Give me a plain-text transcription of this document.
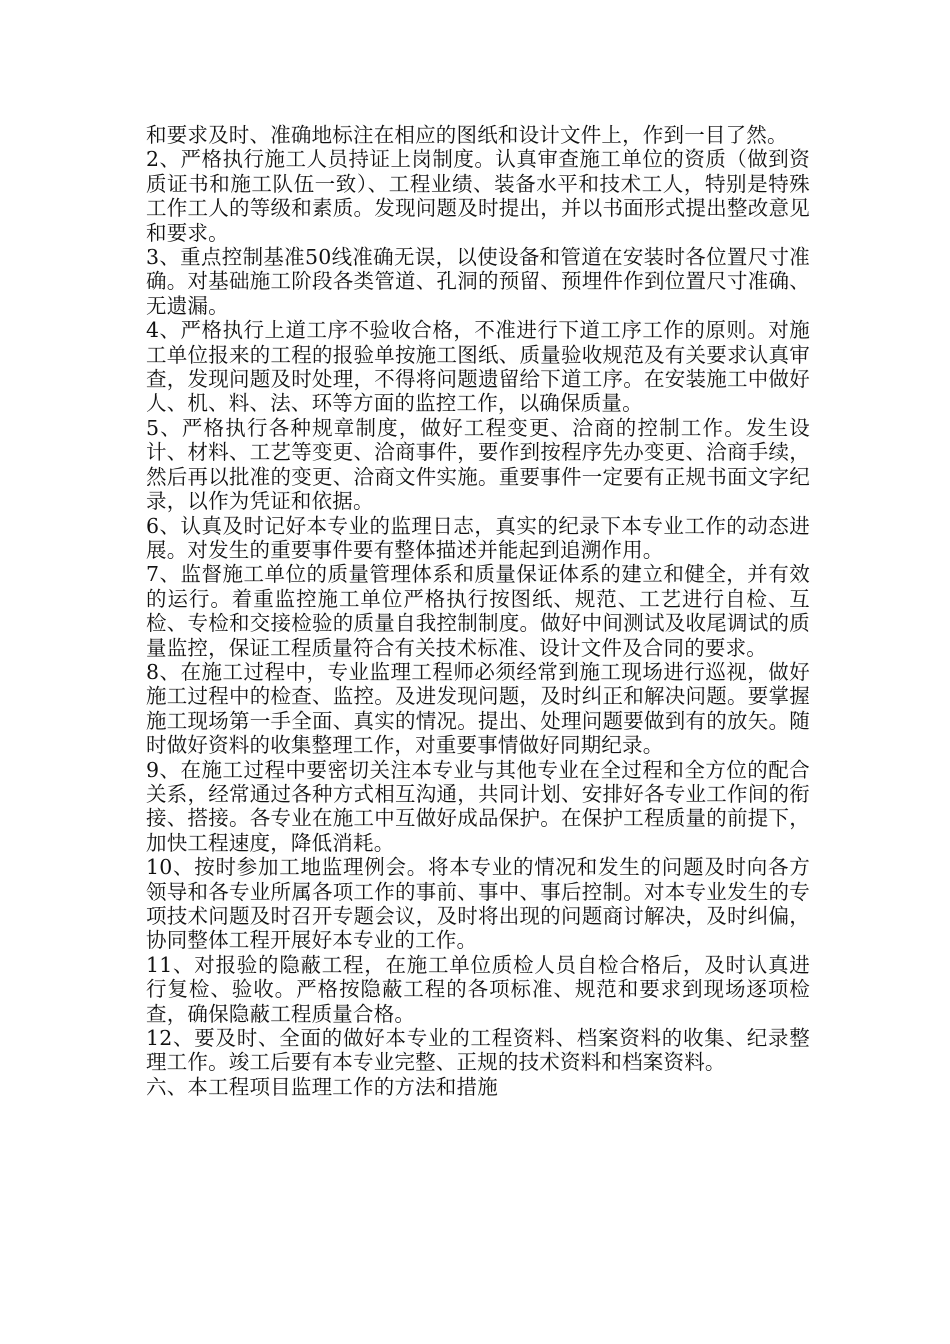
和要求及时、准确地标注在相应的图纸和设计文件上，作到一目了然。

2、严格执行施工人员持证上岗制度。认真审查施工单位的资质（做到资质证书和施工队伍一致）、工程业绩、装备水平和技术工人，特别是特殊工作工人的等级和素质。发现问题及时提出，并以书面形式提出整改意见和要求。

3、重点控制基准50线准确无误，以使设备和管道在安装时各位置尺寸准确。对基础施工阶段各类管道、孔洞的预留、预埋件作到位置尺寸准确、无遗漏。

4、严格执行上道工序不验收合格，不准进行下道工序工作的原则。对施工单位报来的工程的报验单按施工图纸、质量验收规范及有关要求认真审查，发现问题及时处理，不得将问题遗留给下道工序。在安装施工中做好人、机、料、法、环等方面的监控工作，以确保质量。

5、严格执行各种规章制度，做好工程变更、洽商的控制工作。发生设计、材料、工艺等变更、洽商事件，要作到按程序先办变更、洽商手续，然后再以批准的变更、洽商文件实施。重要事件一定要有正规书面文字纪录，以作为凭证和依据。

6、认真及时记好本专业的监理日志，真实的纪录下本专业工作的动态进展。对发生的重要事件要有整体描述并能起到追溯作用。

7、监督施工单位的质量管理体系和质量保证体系的建立和健全，并有效的运行。着重监控施工单位严格执行按图纸、规范、工艺进行自检、互检、专检和交接检验的质量自我控制制度。做好中间测试及收尾调试的质量监控，保证工程质量符合有关技术标准、设计文件及合同的要求。

8、在施工过程中，专业监理工程师必须经常到施工现场进行巡视，做好施工过程中的检查、监控。及进发现问题，及时纠正和解决问题。要掌握施工现场第一手全面、真实的情况。提出、处理问题要做到有的放矢。随时做好资料的收集整理工作，对重要事情做好同期纪录。

9、在施工过程中要密切关注本专业与其他专业在全过程和全方位的配合关系，经常通过各种方式相互沟通，共同计划、安排好各专业工作间的衔接、搭接。各专业在施工中互做好成品保护。在保护工程质量的前提下，加快工程速度，降低消耗。

10、按时参加工地监理例会。将本专业的情况和发生的问题及时向各方领导和各专业所属各项工作的事前、事中、事后控制。对本专业发生的专项技术问题及时召开专题会议，及时将出现的问题商讨解决，及时纠偏，协同整体工程开展好本专业的工作。

11、对报验的隐蔽工程，在施工单位质检人员自检合格后，及时认真进行复检、验收。严格按隐蔽工程的各项标准、规范和要求到现场逐项检查，确保隐蔽工程质量合格。

12、要及时、全面的做好本专业的工程资料、档案资料的收集、纪录整理工作。竣工后要有本专业完整、正规的技术资料和档案资料。

六、本工程项目监理工作的方法和措施
